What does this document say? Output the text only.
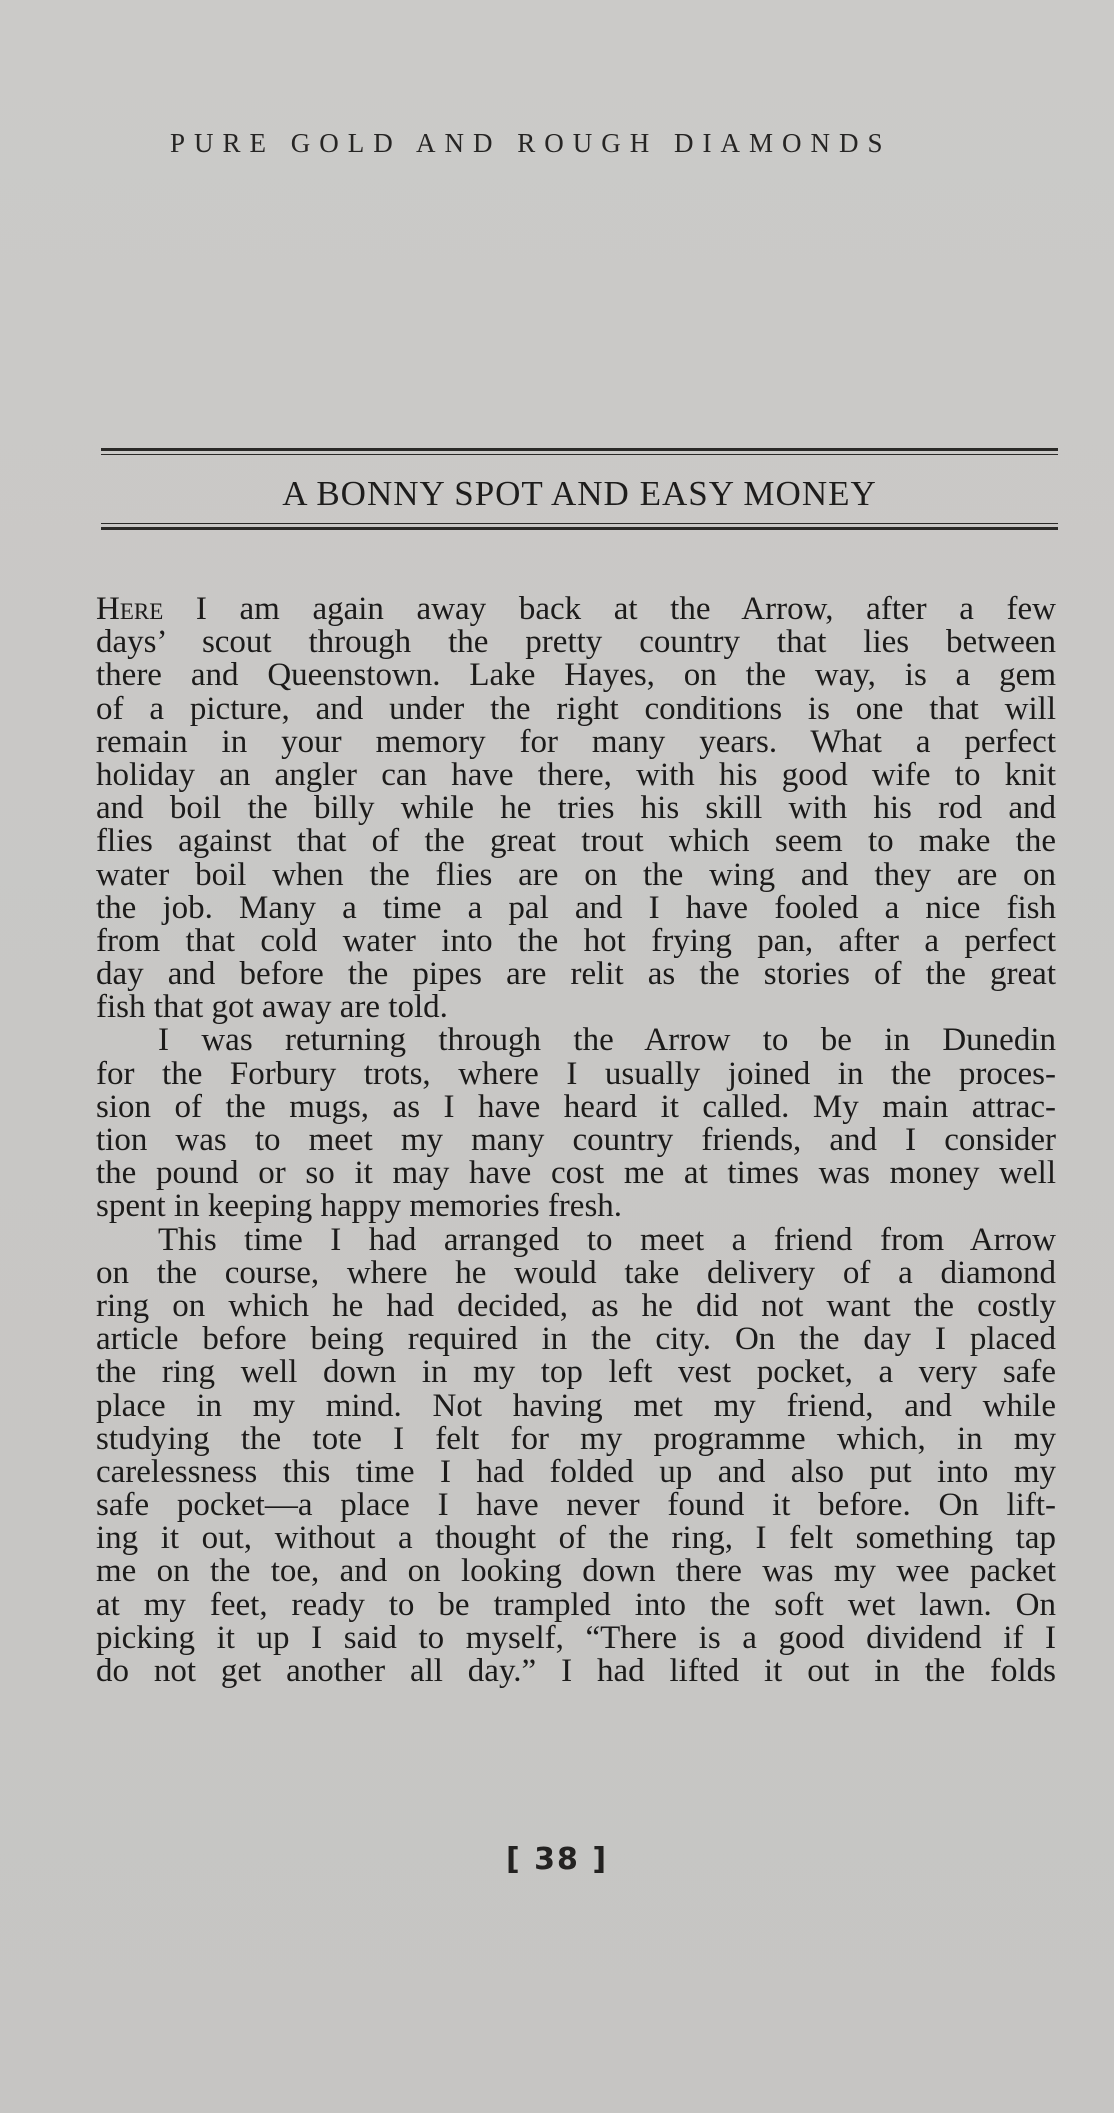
PURE GOLD AND ROUGH DIAMONDS
A BONNY SPOT AND EASY MONEY
Here I am again away back at the Arrow, after a few
days’ scout through the pretty country that lies between
there and Queenstown. Lake Hayes, on the way, is a gem
of a picture, and under the right conditions is one that will
remain in your memory for many years. What a perfect
holiday an angler can have there, with his good wife to knit
and boil the billy while he tries his skill with his rod and
flies against that of the great trout which seem to make the
water boil when the flies are on the wing and they are on
the job. Many a time a pal and I have fooled a nice fish
from that cold water into the hot frying pan, after a perfect
day and before the pipes are relit as the stories of the great
fish that got away are told.
I was returning through the Arrow to be in Dunedin
for the Forbury trots, where I usually joined in the proces-
sion of the mugs, as I have heard it called. My main attrac-
tion was to meet my many country friends, and I consider
the pound or so it may have cost me at times was money well
spent in keeping happy memories fresh.
This time I had arranged to meet a friend from Arrow
on the course, where he would take delivery of a diamond
ring on which he had decided, as he did not want the costly
article before being required in the city. On the day I placed
the ring well down in my top left vest pocket, a very safe
place in my mind. Not having met my friend, and while
studying the tote I felt for my programme which, in my
carelessness this time I had folded up and also put into my
safe pocket—a place I have never found it before. On lift-
ing it out, without a thought of the ring, I felt something tap
me on the toe, and on looking down there was my wee packet
at my feet, ready to be trampled into the soft wet lawn. On
picking it up I said to myself, “There is a good dividend if I
do not get another all day.” I had lifted it out in the folds
[ 38 ]
